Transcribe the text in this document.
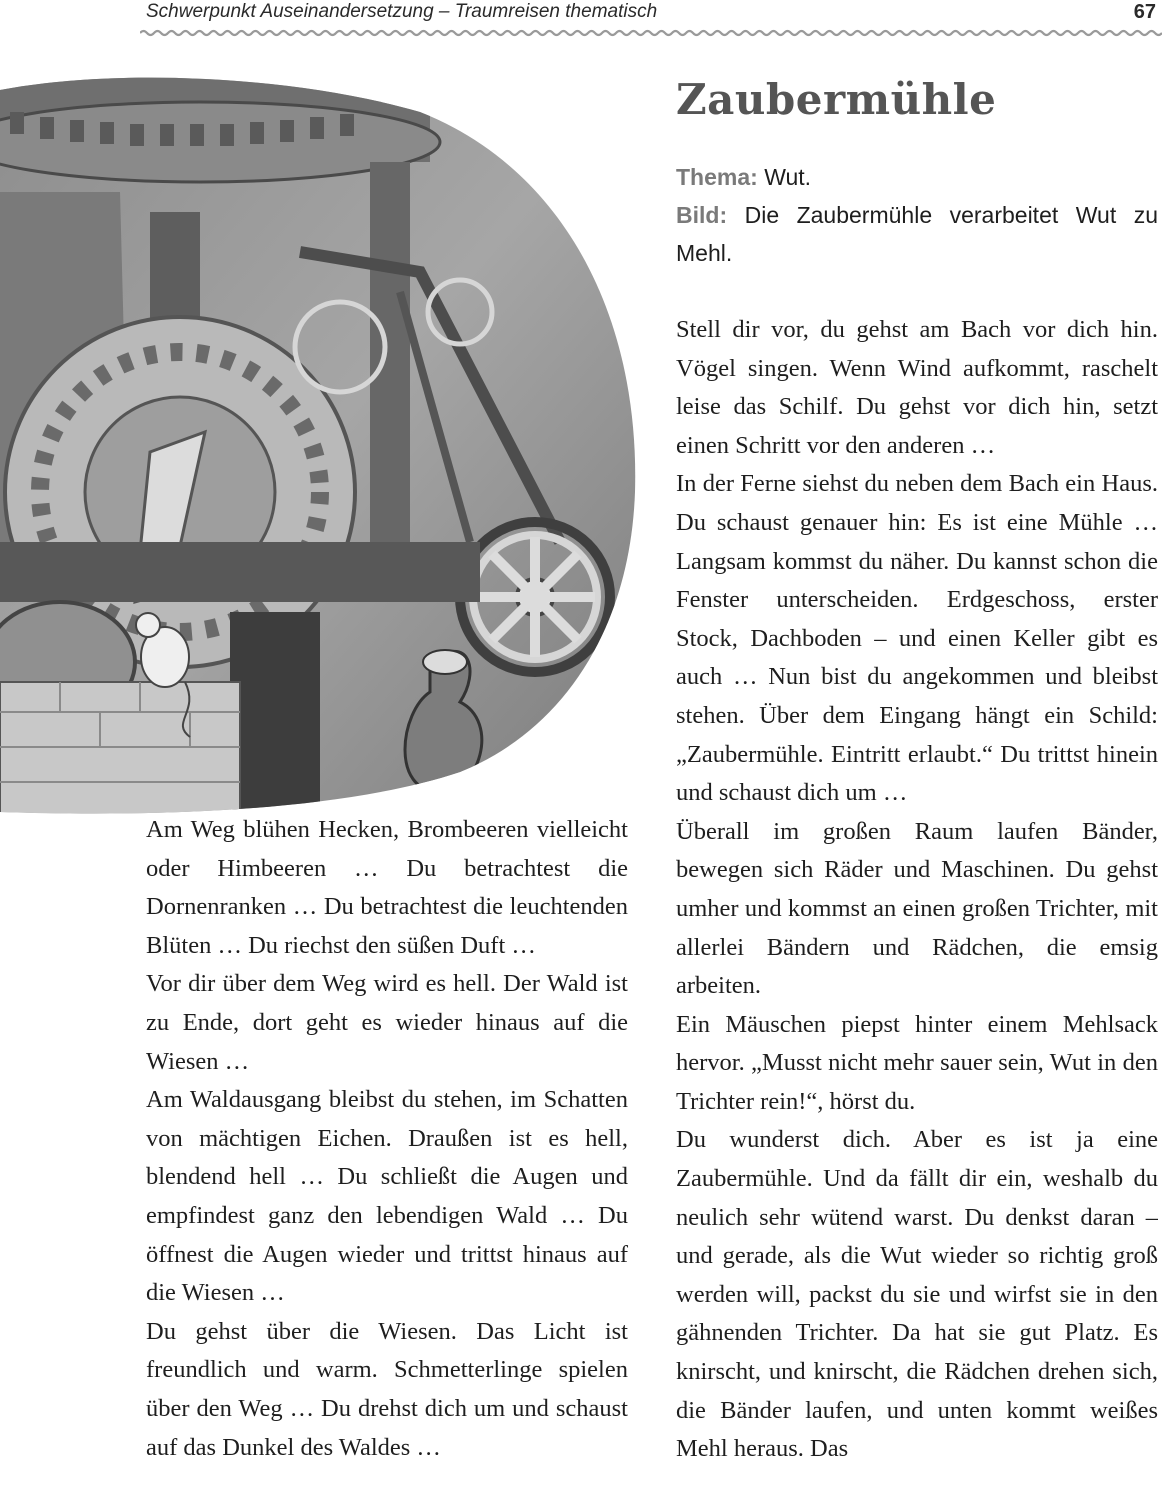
Schwerpunkt Auseinandersetzung – Traumreisen thematisch	67
Zaubermühle

Thema: Wut.

Bild: Die Zaubermühle verarbeitet Wut zu Mehl.

Am Weg blühen Hecken, Brombeeren vielleicht oder Himbeeren … Du betrachtest die Dornenranken … Du betrachtest die leuchtenden Blüten … Du riechst den süßen Duft …

Vor dir über dem Weg wird es hell. Der Wald ist zu Ende, dort geht es wieder hinaus auf die Wiesen …

Am Waldausgang bleibst du stehen, im Schatten von mächtigen Eichen. Draußen ist es hell, blendend hell … Du schließt die Augen und empfindest ganz den lebendigen Wald … Du öffnest die Augen wieder und trittst hinaus auf die Wiesen …

Du gehst über die Wiesen. Das Licht ist freundlich und warm. Schmetterlinge spielen über den Weg … Du drehst dich um und schaust auf das Dunkel des Waldes …

Stell dir vor, du gehst am Bach vor dich hin. Vögel singen. Wenn Wind aufkommt, raschelt leise das Schilf. Du gehst vor dich hin, setzt einen Schritt vor den anderen …

In der Ferne siehst du neben dem Bach ein Haus. Du schaust genauer hin: Es ist eine Mühle … Langsam kommst du näher. Du kannst schon die Fenster unterscheiden. Erdgeschoss, erster Stock, Dachboden – und einen Keller gibt es auch … Nun bist du angekommen und bleibst stehen. Über dem Eingang hängt ein Schild: „Zaubermühle. Eintritt erlaubt.“ Du trittst hinein und schaust dich um …

Überall im großen Raum laufen Bänder, bewegen sich Räder und Maschinen. Du gehst umher und kommst an einen großen Trichter, mit allerlei Bändern und Rädchen, die emsig arbeiten.

Ein Mäuschen piepst hinter einem Mehlsack hervor. „Musst nicht mehr sauer sein, Wut in den Trichter rein!“, hörst du.

Du wunderst dich. Aber es ist ja eine Zaubermühle. Und da fällt dir ein, weshalb du neulich sehr wütend warst. Du denkst daran – und gerade, als die Wut wieder so richtig groß werden will, packst du sie und wirfst sie in den gähnenden Trichter. Da hat sie gut Platz. Es knirscht, und knirscht, die Rädchen drehen sich, die Bänder laufen, und unten kommt weißes Mehl heraus. Das
